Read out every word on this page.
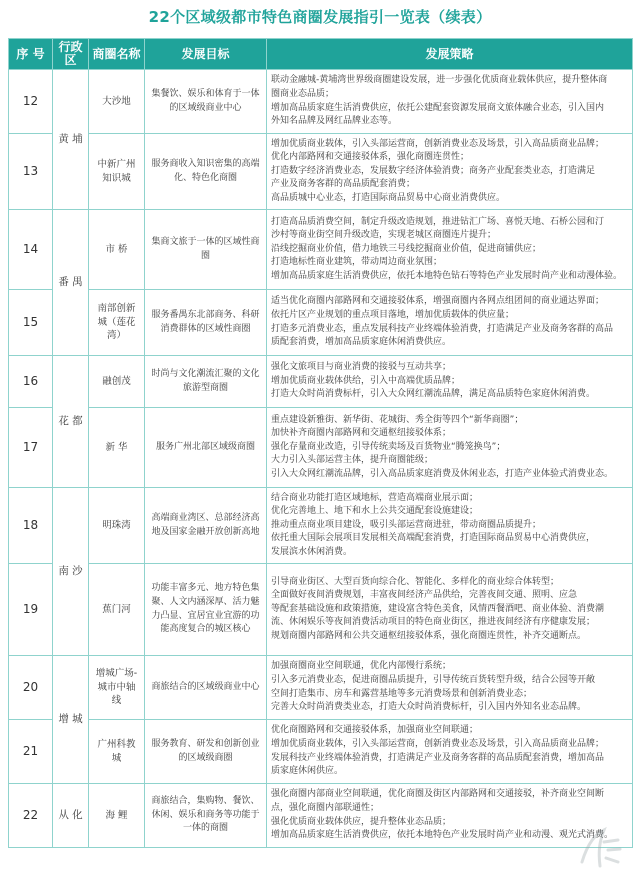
22个区域级都市特色商圈发展指引一览表（续表）
序 号	行政区	商圈名称	发展目标	发展策略
12	黄 埔	大沙地	集餐饮、娱乐和体育于一体的区域级商业中心	联动金融城-黄埔湾世界级商圈建设发展，进一步强化优质商业载体供应，提升整体商
圈商业态品质；
增加高品质家庭生活消费供应，依托公建配套资源发展商文旅体融合业态，引入国内
外知名品牌及网红品牌业态等。

13		中新广州知识城	服务商收入知识密集的高端化、特色化商圈	增加优质商业载体，引入头部运营商，创新消费业态及场景，引入高品质商业品牌；
优化内部路网和交通接驳体系，强化商圈连贯性；
打造数字经济消费业态，发展数字经济体验消费；商务产业配套类业态，打造满足
产业及商务客群的高品质配套消费；
高品质城中心业态，打造国际商品贸易中心商业消费供应。

14	番 禺	市 桥	集商文旅于一体的区域性商圈	打造高品质消费空间，制定升级改造规划，推进钻汇广场、喜悦天地、石桥公园和汀
沙村等商业街空间升级改造，实现老城区商圈连片提升；
沿线挖掘商业价值，借力地铁三号线挖掘商业价值，促进商铺供应；
打造地标性商业建筑，带动周边商业氛围；
增加高品质家庭生活消费供应，依托本地特色钻石等特色产业发展时尚产业和动漫体验。

15		南部创新城（莲花湾）	服务番禺东北部商务、科研消费群体的区域性商圈	适当优化商圈内部路网和交通接驳体系，增强商圈内各网点组团间的商业通达界面；
依托片区产业规划的重点项目落地，增加优质载体的供应量；
打造多元消费业态，重点发展科技产业终端体验消费，打造满足产业及商务客群的高品
质配套消费，增加高品质家庭休闲消费供应。

16	花 都	融创茂	时尚与文化潮流汇聚的文化旅游型商圈	强化文旅项目与商业消费的接驳与互动共享；
增加优质商业载体供给，引入中高端优质品牌；
打造大众时尚消费标杆，引入大众网红潮流品牌，满足高品质特色家庭休闲消费。

17		新 华	服务广州北部区域级商圈	重点建设新雅街、新华街、花城街、秀全街等四个“新华商圈”；
加快补齐商圈内部路网和交通枢纽接驳体系；
强化存量商业改造，引导传统卖场及百货物业“腾笼换鸟”；
大力引入头部运营主体，提升商圈能级；
引入大众网红潮流品牌，引入高品质家庭消费及休闲业态，打造产业体验式消费业态。

18	南 沙	明珠湾	高端商业湾区、总部经济高地及国家金融开放创新高地	结合商业功能打造区域地标，营造高端商业展示面；
优化完善地上、地下和水上公共交通配套设施建设；
推动重点商业项目建设，吸引头部运营商进驻，带动商圈品质提升；
依托重大国际会展项目发展相关高端配套消费，打造国际商品贸易中心消费供应，
发展滨水休闲消费。

19		蕉门河	功能丰富多元、地方特色集聚、人文内涵深厚、活力魅力凸显、宜居宜业宜游的功能高度复合的城区核心	引导商业街区、大型百货向综合化、智能化、多样化的商业综合体转型；
全面做好夜间消费规划，丰富夜间经济产品供给，完善夜间交通、照明、应急
等配套基础设施和政策措施，建设富含特色美食，风情西餐酒吧、商业体验、消费潮
流、休闲娱乐等夜间消费活动项目的特色商业街区，推进夜间经济有序健康发展；
规划商圈内部路网和公共交通枢纽接驳体系，强化商圈连贯性，补齐交通断点。

20	增 城	增城广场-城市中轴线	商旅结合的区域级商业中心	加强商圈商业空间联通，优化内部慢行系统；
引入多元消费业态，促进商圈品质提升，引导传统百货转型升级，结合公园等开敞
空间打造集市、房车和露营基地等多元消费场景和创新消费业态；
完善大众时尚消费类业态，打造大众时尚消费标杆，引入国内外知名业态品牌。

21		广州科教城	服务教育、研发和创新创业的区域级商圈	优化商圈路网和交通接驳体系，加强商业空间联通；
增加优质商业载体，引入头部运营商，创新消费业态及场景，引入高品质商业品牌；
发展科技产业终端体验消费，打造满足产业及商务客群的高品质配套消费，增加高品
质家庭休闲供应。

22	从 化	海 鲤	商旅结合，集购物、餐饮、休闲、娱乐和商务等功能于一体的商圈	强化商圈内部商业空间联通，优化商圈及街区内部路网和交通接驳，补齐商业空间断
点，强化商圈内部联通性；
强化优质商业载体供应，提升整体业态品质；
增加高品质家庭生活消费供应，依托本地特色产业发展时尚产业和动漫、观光式消费。
